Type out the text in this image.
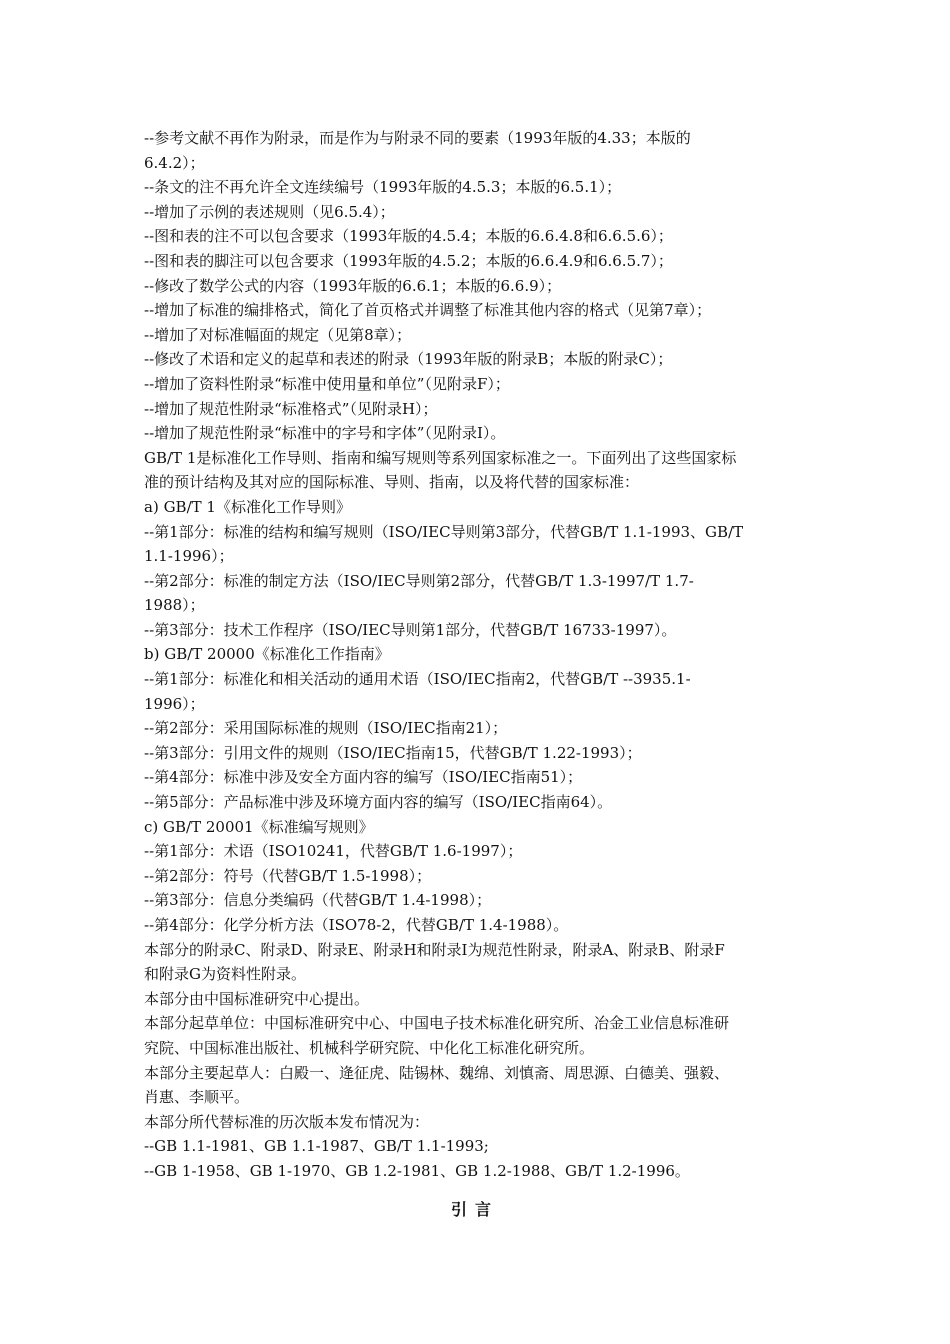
--参考文献不再作为附录，而是作为与附录不同的要素（1993年版的4.33；本版的
6.4.2）；
--条文的注不再允许全文连续编号（1993年版的4.5.3；本版的6.5.1）；
--增加了示例的表述规则（见6.5.4）；
--图和表的注不可以包含要求（1993年版的4.5.4；本版的6.6.4.8和6.6.5.6）；
--图和表的脚注可以包含要求（1993年版的4.5.2；本版的6.6.4.9和6.6.5.7）；
--修改了数学公式的内容（1993年版的6.6.1；本版的6.6.9）；
--增加了标准的编排格式，简化了首页格式并调整了标准其他内容的格式（见第7章）；
--增加了对标准幅面的规定（见第8章）；
--修改了术语和定义的起草和表述的附录（1993年版的附录B；本版的附录C）；
--增加了资料性附录“标准中使用量和单位”（见附录F）；
--增加了规范性附录“标准格式”（见附录H）；
--增加了规范性附录“标准中的字号和字体”（见附录I）。
GB/T 1是标准化工作导则、指南和编写规则等系列国家标准之一。下面列出了这些国家标
准的预计结构及其对应的国际标准、导则、指南，以及将代替的国家标准：
a) GB/T 1《标准化工作导则》
--第1部分：标准的结构和编写规则（ISO/IEC导则第3部分，代替GB/T 1.1-1993、GB/T
1.1-1996）；
--第2部分：标准的制定方法（ISO/IEC导则第2部分，代替GB/T 1.3-1997/T 1.7-
1988）；
--第3部分：技术工作程序（ISO/IEC导则第1部分，代替GB/T 16733-1997）。
b) GB/T 20000《标准化工作指南》
--第1部分：标准化和相关活动的通用术语（ISO/IEC指南2，代替GB/T --3935.1-
1996）；
--第2部分：采用国际标准的规则（ISO/IEC指南21）；
--第3部分：引用文件的规则（ISO/IEC指南15，代替GB/T 1.22-1993）；
--第4部分：标准中涉及安全方面内容的编写（ISO/IEC指南51）；
--第5部分：产品标准中涉及环境方面内容的编写（ISO/IEC指南64）。
c) GB/T 20001《标准编写规则》
--第1部分：术语（ISO10241，代替GB/T 1.6-1997）；
--第2部分：符号（代替GB/T 1.5-1998）；
--第3部分：信息分类编码（代替GB/T 1.4-1998）；
--第4部分：化学分析方法（ISO78-2，代替GB/T 1.4-1988）。
本部分的附录C、附录D、附录E、附录H和附录I为规范性附录，附录A、附录B、附录F
和附录G为资料性附录。
本部分由中国标准研究中心提出。
本部分起草单位：中国标准研究中心、中国电子技术标准化研究所、冶金工业信息标准研
究院、中国标准出版社、机械科学研究院、中化化工标准化研究所。
本部分主要起草人：白殿一、逄征虎、陆锡林、魏绵、刘慎斋、周思源、白德美、强毅、
肖惠、李顺平。
本部分所代替标准的历次版本发布情况为：
--GB 1.1-1981、GB 1.1-1987、GB/T 1.1-1993;
--GB 1-1958、GB 1-1970、GB 1.2-1981、GB 1.2-1988、GB/T 1.2-1996。
引言
